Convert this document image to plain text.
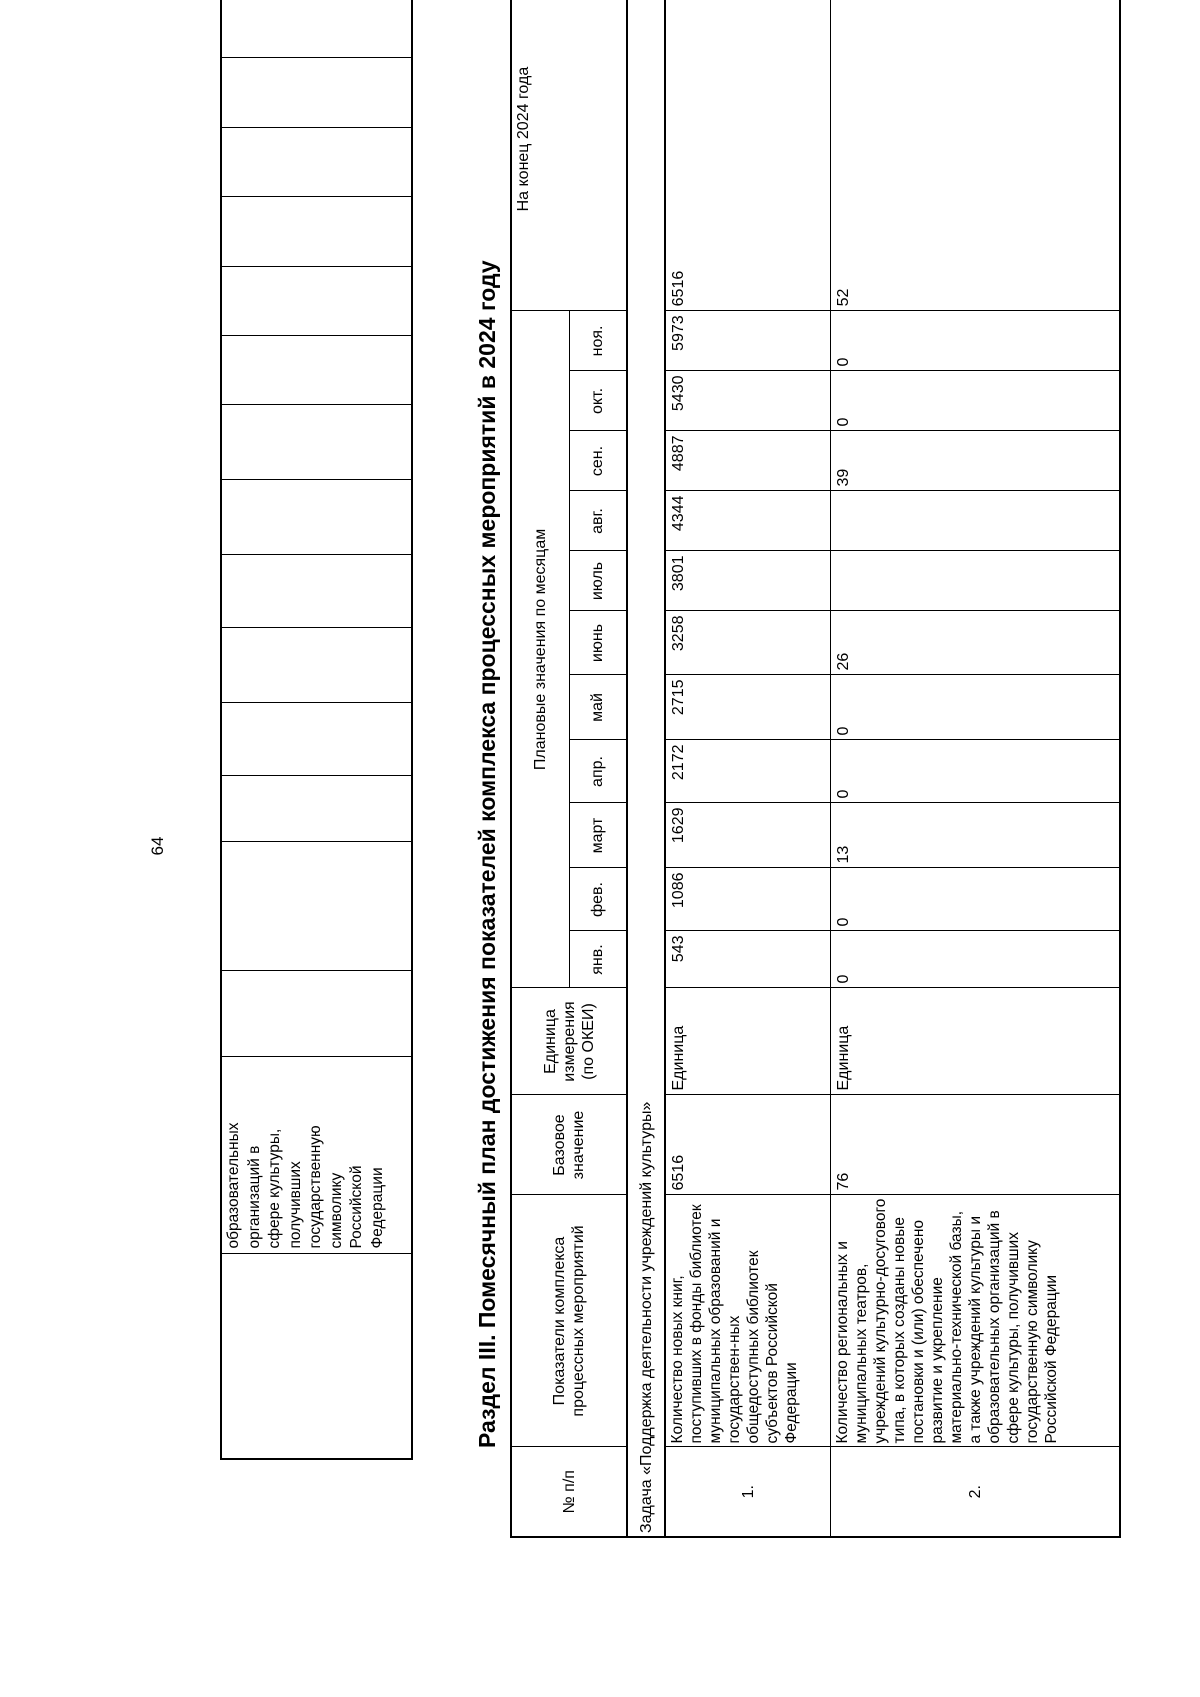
64
	образовательных
организаций в
сфере культуры,
получивших
государственную
символику
Российской
Федерации															Раздел III. Помесячный план достижения показателей комплекса процессных мероприятий в 2024 году
№ п/п	Показатели комплекса процессных мероприятий	Базовое значение	Единица измерения (по ОКЕИ)	Плановые значения по месяцам											На конец 2024 года
				янв.	фев.	март	апр.	май	июнь	июль	авг.	сен.	окт.	ноя.	
Задача «Поддержка деятельности учреждений культуры»															
1.	Количество новых книг, поступивших в фонды библиотек муниципальных образований и государствен-ных общедоступных библиотек субъектов Российской Федерации	6516	Единица	543	1086	1629	2172	2715	3258	3801	4344	4887	5430	5973	6516
2.	Количество региональных и муниципальных театров, учреждений культурно-досугового типа, в которых созданы новые постановки и (или) обеспечено развитие и укрепление материально-технической базы, а также учреждений культуры и образовательных организаций в сфере культуры, получивших государственную символику Российской Федерации	76	Единица	0	0	13	0	0	26			39	0	0	52
